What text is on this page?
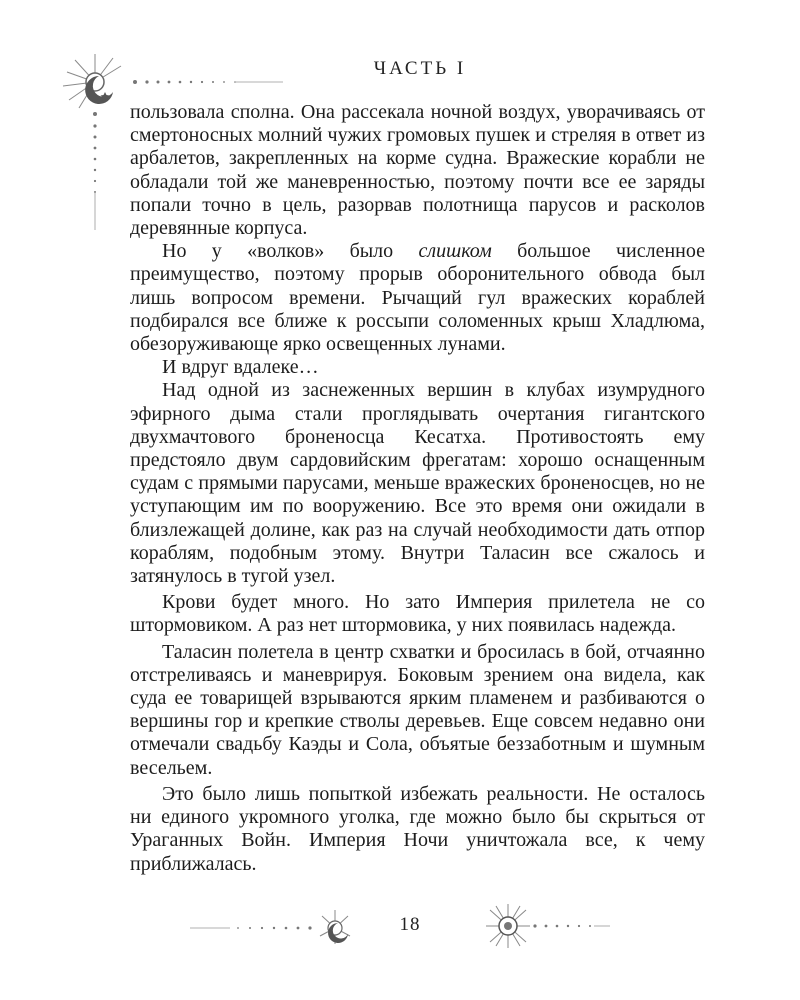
ЧАСТЬ I

пользовала сполна. Она рассекала ночной воздух, уворачиваясь от смертоносных молний чужих громовых пушек и стреляя в ответ из арбалетов, закрепленных на корме судна. Вражеские корабли не обладали той же маневренностью, поэтому почти все ее заряды попали точно в цель, разорвав полотнища парусов и расколов деревянные корпуса.

Но у «волков» было слишком большое численное преимущество, поэтому прорыв оборонительного обвода был лишь вопросом времени. Рычащий гул вражеских кораблей подбирался все ближе к россыпи соломенных крыш Хладлюма, обезоруживающе ярко освещенных лунами.

И вдруг вдалеке…

Над одной из заснеженных вершин в клубах изумрудного эфирного дыма стали проглядывать очертания гигантского двухмачтового броненосца Кесатха. Противостоять ему предстояло двум сардовийским фрегатам: хорошо оснащенным судам с прямыми парусами, меньше вражеских броненосцев, но не уступающим им по вооружению. Все это время они ожидали в близлежащей долине, как раз на случай необходимости дать отпор кораблям, подобным этому. Внутри Таласин все сжалось и затянулось в тугой узел.

Крови будет много. Но зато Империя прилетела не со штормовиком. А раз нет штормовика, у них появилась надежда.

Таласин полетела в центр схватки и бросилась в бой, отчаянно отстреливаясь и маневрируя. Боковым зрением она видела, как суда ее товарищей взрываются ярким пламенем и разбиваются о вершины гор и крепкие стволы деревьев. Еще совсем недавно они отмечали свадьбу Каэды и Сола, объятые беззаботным и шумным весельем.

Это было лишь попыткой избежать реальности. Не осталось ни единого укромного уголка, где можно было бы скрыться от Ураганных Войн. Империя Ночи уничтожала все, к чему приближалась.

18
